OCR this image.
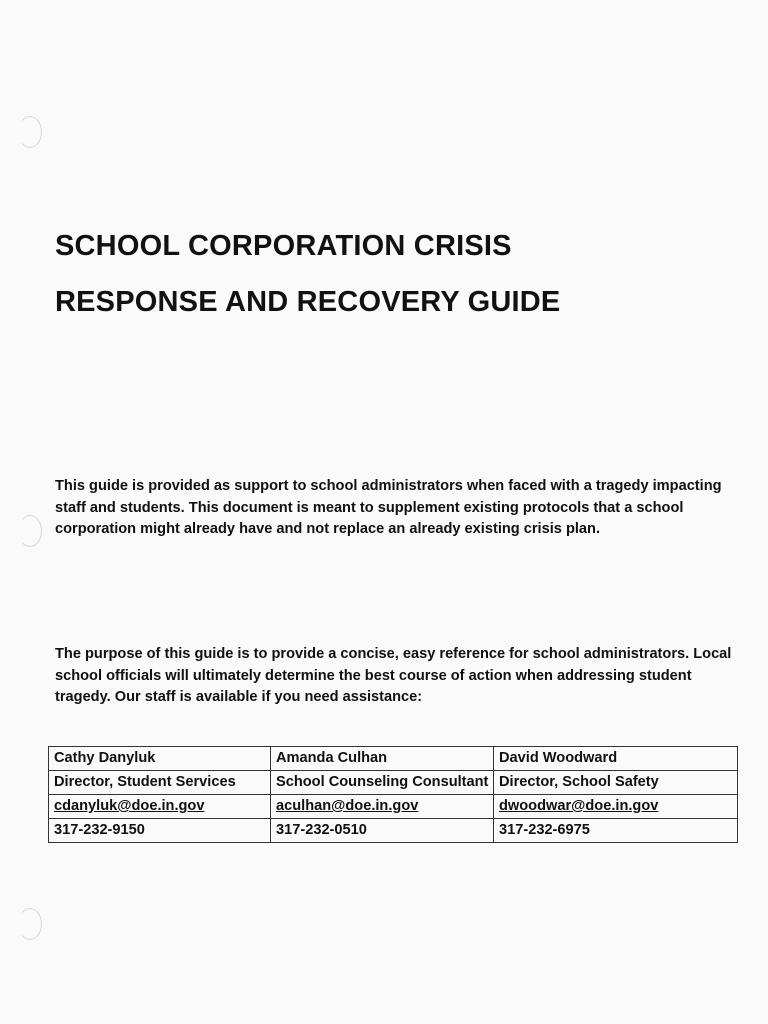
SCHOOL CORPORATION CRISIS
RESPONSE AND RECOVERY GUIDE

This guide is provided as support to school administrators when faced with a tragedy impacting staff and students. This document is meant to supplement existing protocols that a school corporation might already have and not replace an already existing crisis plan.

The purpose of this guide is to provide a concise, easy reference for school administrators. Local school officials will ultimately determine the best course of action when addressing student tragedy. Our staff is available if you need assistance:

Cathy Danyluk	Amanda Culhan	David Woodward
Director, Student Services	School Counseling Consultant	Director, School Safety
cdanyluk@doe.in.gov	aculhan@doe.in.gov	dwoodwar@doe.in.gov
317-232-9150	317-232-0510	317-232-6975
